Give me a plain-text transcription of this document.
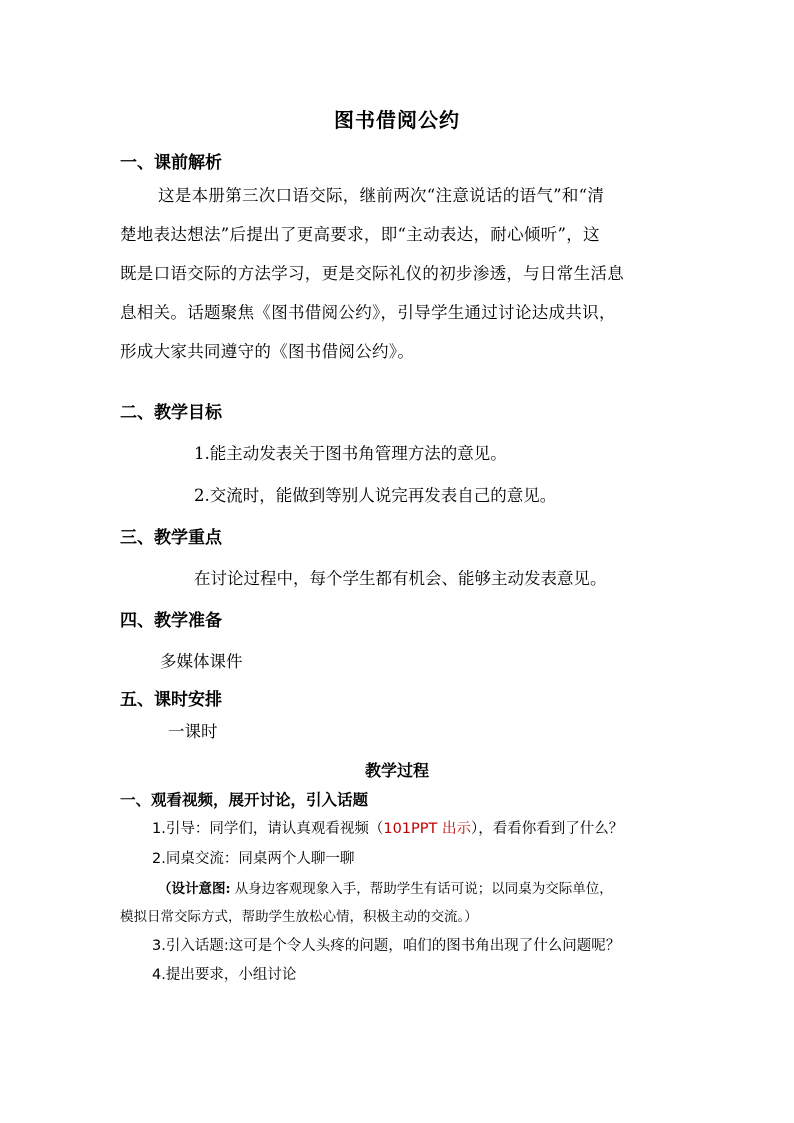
图书借阅公约
一、课前解析

这是本册第三次口语交际，继前两次“注意说话的语气”和“清

楚地表达想法”后提出了更高要求，即“主动表达，耐心倾听”，这

既是口语交际的方法学习，更是交际礼仪的初步渗透，与日常生活息

息相关。话题聚焦《图书借阅公约》，引导学生通过讨论达成共识，

形成大家共同遵守的《图书借阅公约》。

二、教学目标
1.能主动发表关于图书角管理方法的意见。
2.交流时，能做到等别人说完再发表自己的意见。
三、教学重点
在讨论过程中，每个学生都有机会、能够主动发表意见。
四、教学准备
多媒体课件
五、课时安排
一课时
教学过程
一、观看视频，展开讨论，引入话题
1.引导：同学们，请认真观看视频（101PPT 出示），看看你看到了什么？
2.同桌交流：同桌两个人聊一聊
（设计意图: 从身边客观现象入手，帮助学生有话可说；以同桌为交际单位，
模拟日常交际方式，帮助学生放松心情，积极主动的交流。）
3.引入话题:这可是个令人头疼的问题，咱们的图书角出现了什么问题呢？
4.提出要求，小组讨论
